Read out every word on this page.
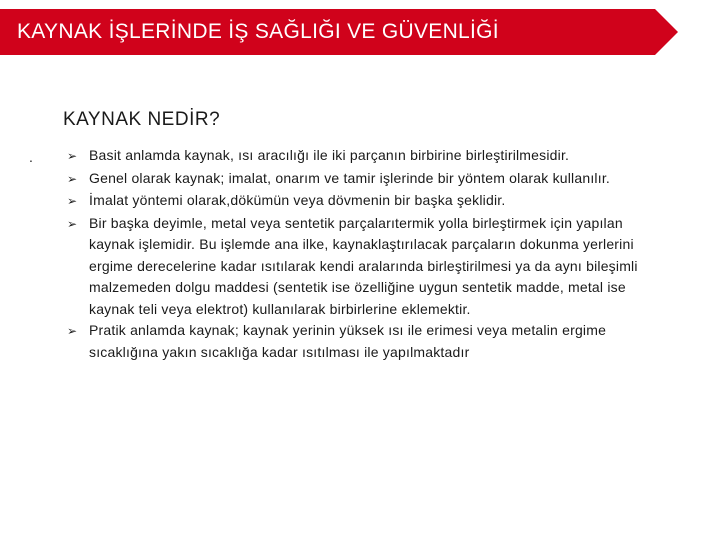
KAYNAK İŞLERİNDE İŞ SAĞLIĞI VE GÜVENLİĞİ
KAYNAK NEDİR?
.	➢ Basit anlamda kaynak, ısı aracılığı ile iki parçanın birbirine birleştirilmesidir.
➢ Genel olarak kaynak; imalat, onarım ve tamir işlerinde bir yöntem olarak kullanılır.
➢ İmalat yöntemi olarak,dökümün veya dövmenin bir başka şeklidir.
➢ Bir başka deyimle, metal veya sentetik parçalarıtermik yolla birleştirmek için yapılan kaynak işlemidir. Bu işlemde ana ilke, kaynaklaştırılacak parçaların dokunma yerlerini ergime derecelerine kadar ısıtılarak kendi aralarında birleştirilmesi ya da aynı bileşimli malzemeden dolgu maddesi (sentetik ise özelliğine uygun sentetik madde, metal ise kaynak teli veya elektrot) kullanılarak birbirlerine eklemektir.
➢ Pratik anlamda kaynak; kaynak yerinin yüksek ısı ile erimesi veya metalin ergime sıcaklığına yakın sıcaklığa kadar ısıtılması ile yapılmaktadır
